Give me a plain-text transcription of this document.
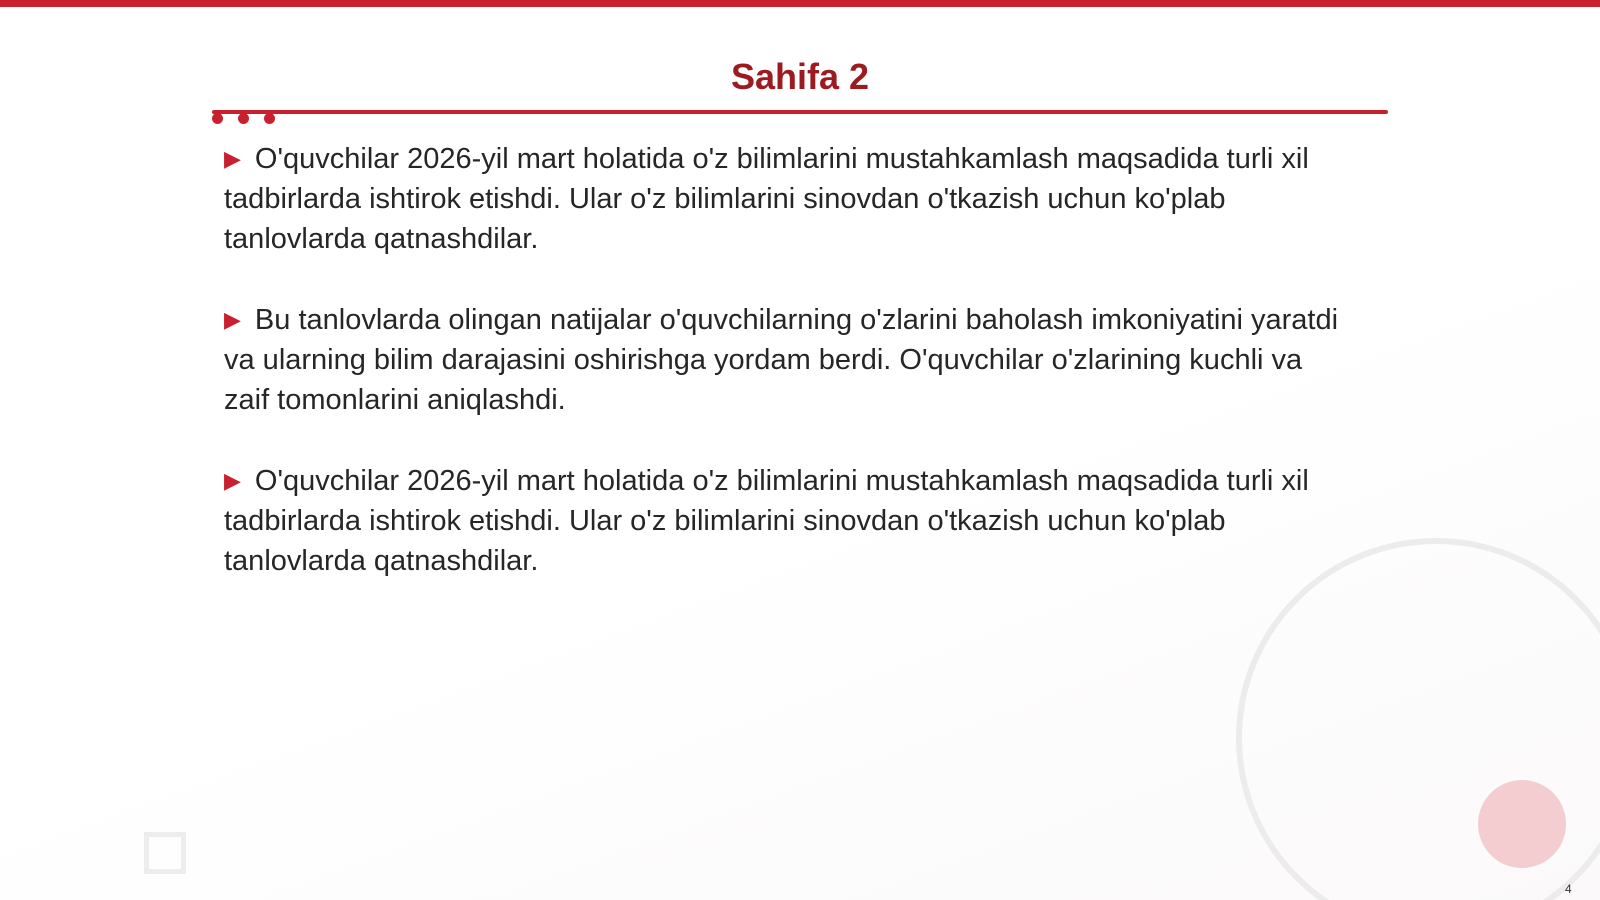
Sahifa 2

▶ O'quvchilar 2026-yil mart holatida o'z bilimlarini mustahkamlash maqsadida turli xil tadbirlarda ishtirok etishdi. Ular o'z bilimlarini sinovdan o'tkazish uchun ko'plab tanlovlarda qatnashdilar.

▶ Bu tanlovlarda olingan natijalar o'quvchilarning o'zlarini baholash imkoniyatini yaratdi va ularning bilim darajasini oshirishga yordam berdi. O'quvchilar o'zlarining kuchli va zaif tomonlarini aniqlashdi.

▶ O'quvchilar 2026-yil mart holatida o'z bilimlarini mustahkamlash maqsadida turli xil tadbirlarda ishtirok etishdi. Ular o'z bilimlarini sinovdan o'tkazish uchun ko'plab tanlovlarda qatnashdilar.

4
